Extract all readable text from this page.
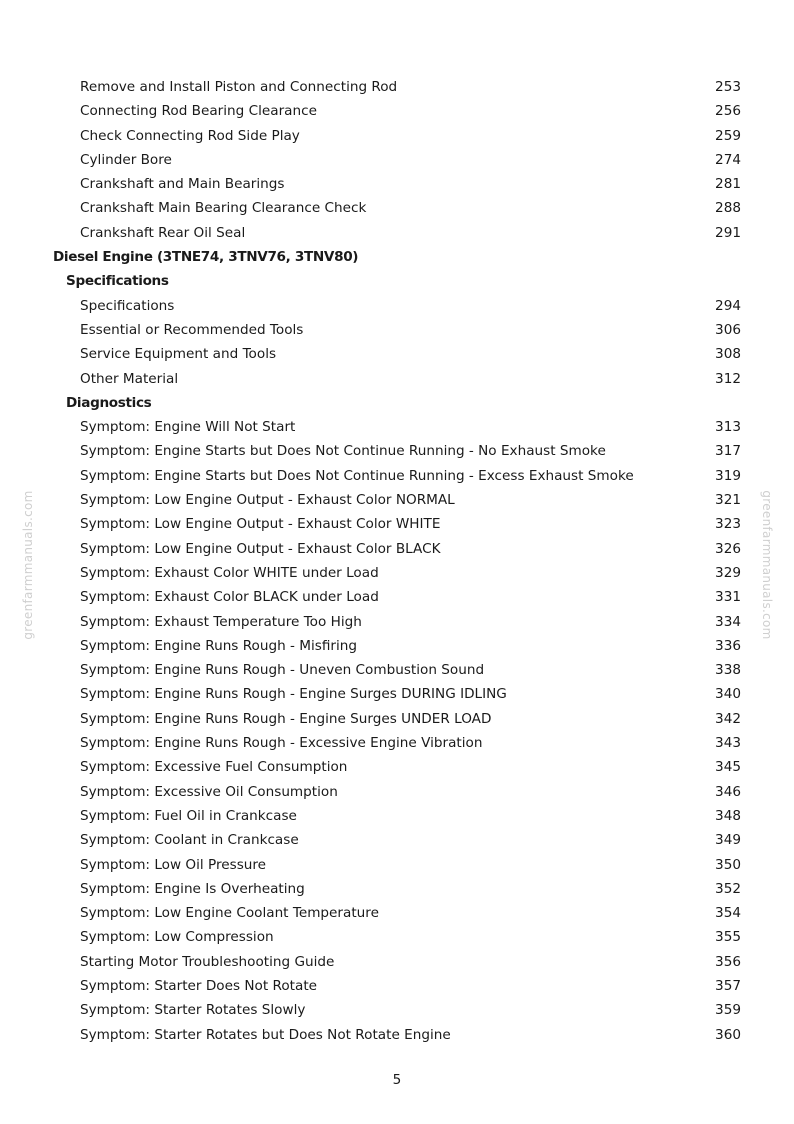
Remove and Install Piston and Connecting Rod	253
Connecting Rod Bearing Clearance	256
Check Connecting Rod Side Play	259
Cylinder Bore	274
Crankshaft and Main Bearings	281
Crankshaft Main Bearing Clearance Check	288
Crankshaft Rear Oil Seal	291
Diesel Engine (3TNE74, 3TNV76, 3TNV80)
Specifications
Specifications	294
Essential or Recommended Tools	306
Service Equipment and Tools	308
Other Material	312
Diagnostics
Symptom: Engine Will Not Start	313
Symptom: Engine Starts but Does Not Continue Running - No Exhaust Smoke	317
Symptom: Engine Starts but Does Not Continue Running - Excess Exhaust Smoke	319
Symptom: Low Engine Output - Exhaust Color NORMAL	321
Symptom: Low Engine Output - Exhaust Color WHITE	323
Symptom: Low Engine Output - Exhaust Color BLACK	326
Symptom: Exhaust Color WHITE under Load	329
Symptom: Exhaust Color BLACK under Load	331
Symptom: Exhaust Temperature Too High	334
Symptom: Engine Runs Rough - Misfiring	336
Symptom: Engine Runs Rough - Uneven Combustion Sound	338
Symptom: Engine Runs Rough - Engine Surges DURING IDLING	340
Symptom: Engine Runs Rough - Engine Surges UNDER LOAD	342
Symptom: Engine Runs Rough - Excessive Engine Vibration	343
Symptom: Excessive Fuel Consumption	345
Symptom: Excessive Oil Consumption	346
Symptom: Fuel Oil in Crankcase	348
Symptom: Coolant in Crankcase	349
Symptom: Low Oil Pressure	350
Symptom: Engine Is Overheating	352
Symptom: Low Engine Coolant Temperature	354
Symptom: Low Compression	355
Starting Motor Troubleshooting Guide	356
Symptom: Starter Does Not Rotate	357
Symptom: Starter Rotates Slowly	359
Symptom: Starter Rotates but Does Not Rotate Engine	360
5
greenfarmmanuals.com	greenfarmmanuals.com
